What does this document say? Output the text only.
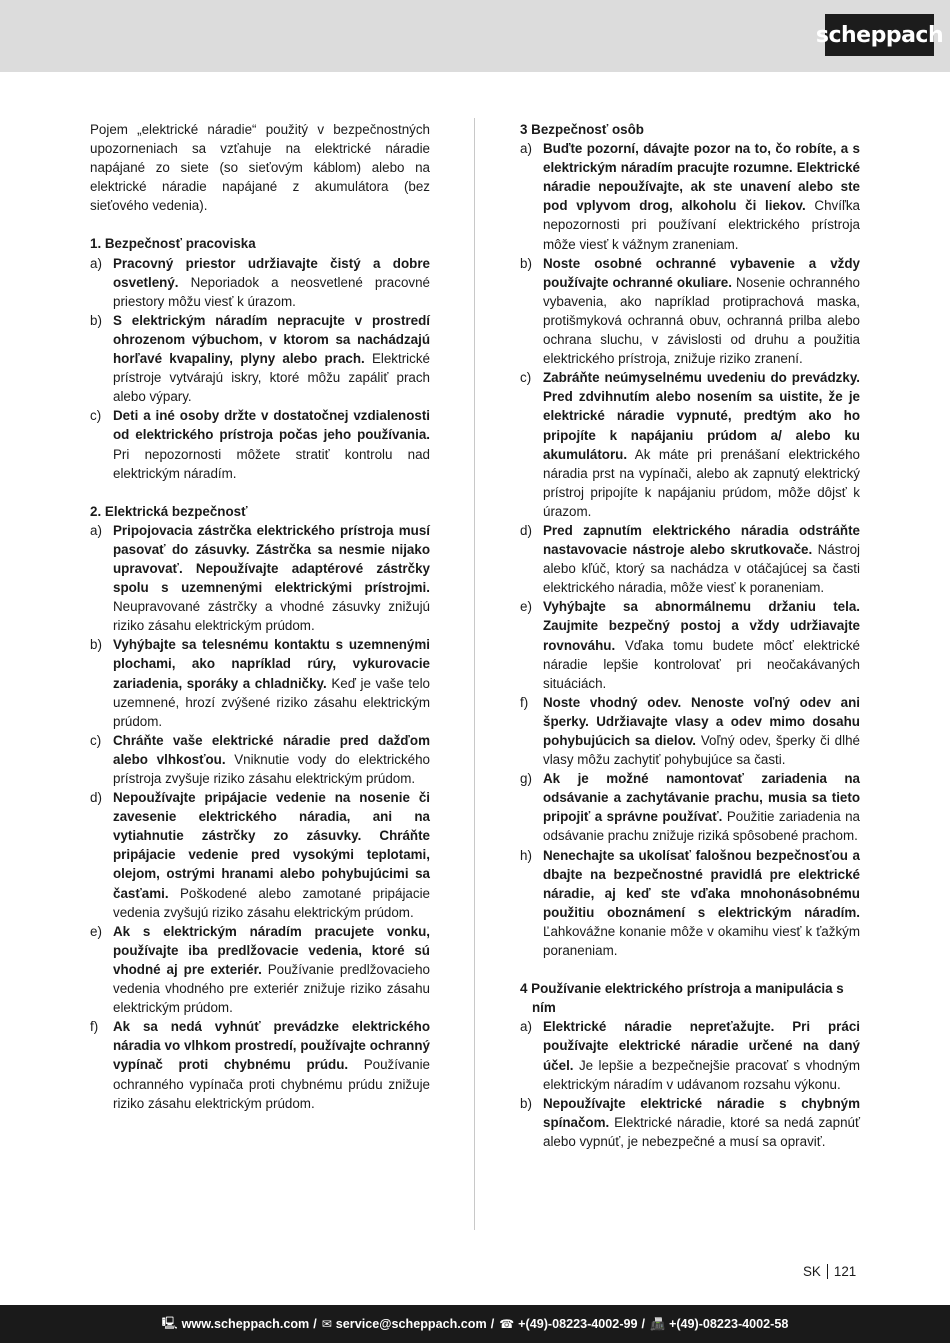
scheppach

Pojem „elektrické náradie“ použitý v bezpečnostných upozorneniach sa vzťahuje na elektrické náradie napájané zo siete (so sieťovým káblom) alebo na elektrické náradie napájané z akumulátora (bez sieťového vedenia).

1. Bezpečnosť pracoviska

a) Pracovný priestor udržiavajte čistý a dobre osvetlený. Neporiadok a neosvetlené pracovné priestory môžu viesť k úrazom.
b) S elektrickým náradím nepracujte v prostredí ohrozenom výbuchom, v ktorom sa nachádzajú horľavé kvapaliny, plyny alebo prach. Elektrické prístroje vytvárajú iskry, ktoré môžu zapáliť prach alebo výpary.
c) Deti a iné osoby držte v dostatočnej vzdialenosti od elektrického prístroja počas jeho používania. Pri nepozornosti môžete stratiť kontrolu nad elektrickým náradím.

2. Elektrická bezpečnosť

a) Pripojovacia zástrčka elektrického prístroja musí pasovať do zásuvky. Zástrčka sa nesmie nijako upravovať. Nepoužívajte adaptérové zástrčky spolu s uzemnenými elektrickými prístrojmi. Neupravované zástrčky a vhodné zásuvky znižujú riziko zásahu elektrickým prúdom.
b) Vyhýbajte sa telesnému kontaktu s uzemnenými plochami, ako napríklad rúry, vykurovacie zariadenia, sporáky a chladničky. Keď je vaše telo uzemnené, hrozí zvýšené riziko zásahu elektrickým prúdom.
c) Chráňte vaše elektrické náradie pred dažďom alebo vlhkosťou. Vniknutie vody do elektrického prístroja zvyšuje riziko zásahu elektrickým prúdom.
d) Nepoužívajte pripájacie vedenie na nosenie či zavesenie elektrického náradia, ani na vytiahnutie zástrčky zo zásuvky. Chráňte pripájacie vedenie pred vysokými teplotami, olejom, ostrými hranami alebo pohybujúcimi sa časťami. Poškodené alebo zamotané pripájacie vedenia zvyšujú riziko zásahu elektrickým prúdom.
e) Ak s elektrickým náradím pracujete vonku, používajte iba predlžovacie vedenia, ktoré sú vhodné aj pre exteriér. Používanie predlžovacieho vedenia vhodného pre exteriér znižuje riziko zásahu elektrickým prúdom.
f) Ak sa nedá vyhnúť prevádzke elektrického náradia vo vlhkom prostredí, používajte ochranný vypínač proti chybnému prúdu. Používanie ochranného vypínača proti chybnému prúdu znižuje riziko zásahu elektrickým prúdom.

3 Bezpečnosť osôb

a) Buďte pozorní, dávajte pozor na to, čo robíte, a s elektrickým náradím pracujte rozumne. Elektrické náradie nepoužívajte, ak ste unavení alebo ste pod vplyvom drog, alkoholu či liekov. Chvíľka nepozornosti pri používaní elektrického prístroja môže viesť k vážnym zraneniam.
b) Noste osobné ochranné vybavenie a vždy používajte ochranné okuliare. Nosenie ochranného vybavenia, ako napríklad protiprachová maska, protišmyková ochranná obuv, ochranná prilba alebo ochrana sluchu, v závislosti od druhu a použitia elektrického prístroja, znižuje riziko zranení.
c) Zabráňte neúmyselnému uvedeniu do prevádzky. Pred zdvihnutím alebo nosením sa uistite, že je elektrické náradie vypnuté, predtým ako ho pripojíte k napájaniu prúdom a/ alebo ku akumulátoru. Ak máte pri prenášaní elektrického náradia prst na vypínači, alebo ak zapnutý elektrický prístroj pripojíte k napájaniu prúdom, môže dôjsť k úrazom.
d) Pred zapnutím elektrického náradia odstráňte nastavovacie nástroje alebo skrutkovače. Nástroj alebo kľúč, ktorý sa nachádza v otáčajúcej sa časti elektrického náradia, môže viesť k poraneniam.
e) Vyhýbajte sa abnormálnemu držaniu tela. Zaujmite bezpečný postoj a vždy udržiavajte rovnováhu. Vďaka tomu budete môcť elektrické náradie lepšie kontrolovať pri neočakávaných situáciách.
f) Noste vhodný odev. Nenoste voľný odev ani šperky. Udržiavajte vlasy a odev mimo dosahu pohybujúcich sa dielov. Voľný odev, šperky či dlhé vlasy môžu zachytiť pohybujúce sa časti.
g) Ak je možné namontovať zariadenia na odsávanie a zachytávanie prachu, musia sa tieto pripojiť a správne používať. Použitie zariadenia na odsávanie prachu znižuje riziká spôsobené prachom.
h) Nenechajte sa ukolísať falošnou bezpečnosťou a dbajte na bezpečnostné pravidlá pre elektrické náradie, aj keď ste vďaka mnohonásobnému použitiu oboznámení s elektrickým náradím. Ľahkovážne konanie môže v okamihu viesť k ťažkým poraneniam.

4 Používanie elektrického prístroja a manipulácia s ním

a) Elektrické náradie nepreťažujte. Pri práci používajte elektrické náradie určené na daný účel. Je lepšie a bezpečnejšie pracovať s vhodným elektrickým náradím v udávanom rozsahu výkonu.
b) Nepoužívajte elektrické náradie s chybným spínačom. Elektrické náradie, ktoré sa nedá zapnúť alebo vypnúť, je nebezpečné a musí sa opraviť.
SK 121
🖳 www.scheppach.com / ✉ service@scheppach.com / ☎ +(49)-08223-4002-99 / 📠 +(49)-08223-4002-58
